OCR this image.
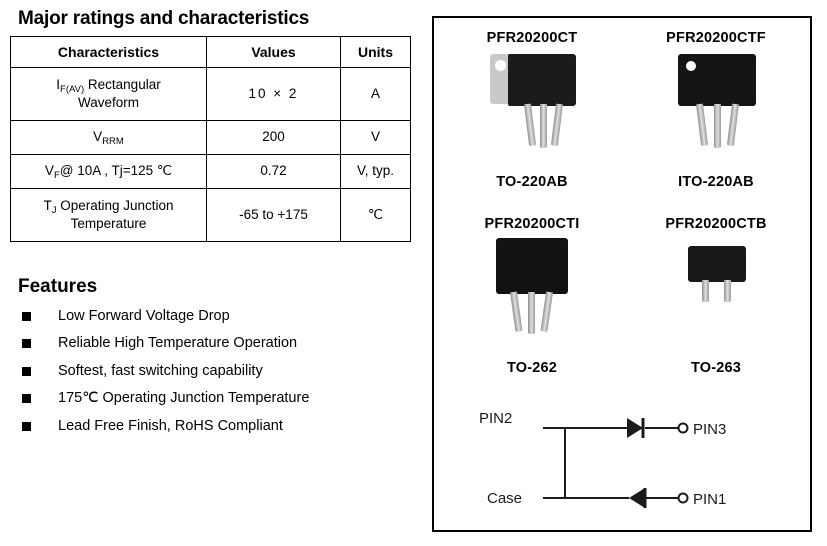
Major ratings and characteristics
Characteristics	Values	Units
$I_{F(AV)}$ Rectangular
Waveform	10 × 2	A
$V_{RRM}$	200	V
$V_F@$ 10A , Tj=125 ℃	0.72	V, typ.
$T_J$ Operating Junction
Temperature	-65 to +175	℃
Features
Low Forward Voltage Drop
Reliable High Temperature Operation
Softest, fast switching capability
175℃ Operating Junction Temperature
Lead Free Finish, RoHS Compliant
PFR20200CT
TO-220AB
PFR20200CTF
ITO-220AB
PFR20200CTI
TO-262
PFR20200CTB
TO-263
PIN2
Case
PIN3
PIN1
